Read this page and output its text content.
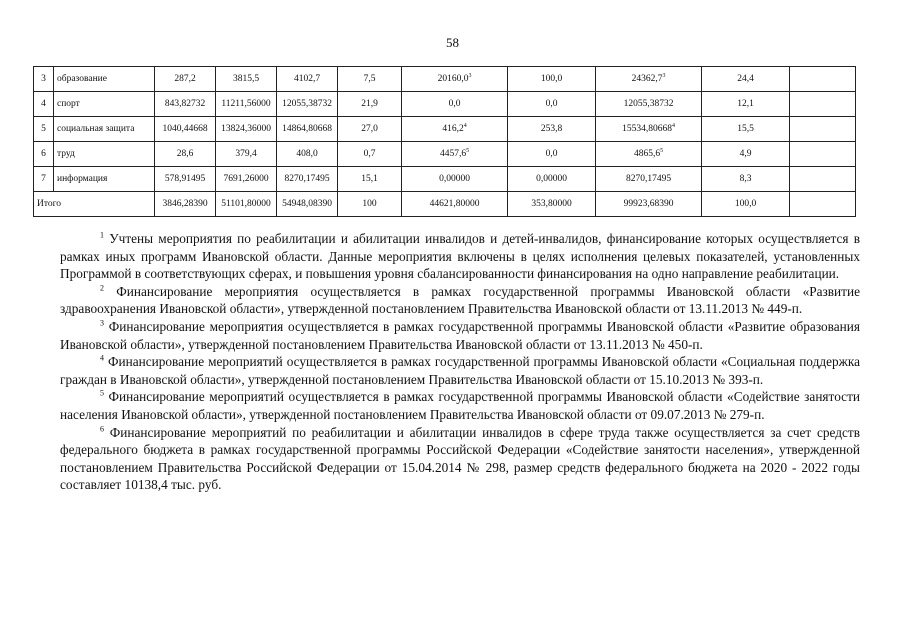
58
3	образование	287,2	3815,5	4102,7	7,5	20160,0$^3$	100,0	24362,7$^3$	24,4	
4	спорт	843,82732	11211,56000	12055,38732	21,9	0,0	0,0	12055,38732	12,1	
5	социальная защита	1040,44668	13824,36000	14864,80668	27,0	416,2$^4$	253,8	15534,80668$^4$	15,5	
6	труд	28,6	379,4	408,0	0,7	4457,6$^5$	0,0	4865,6$^5$	4,9	
7	информация	578,91495	7691,26000	8270,17495	15,1	0,00000	0,00000	8270,17495	8,3	
Итого		3846,28390	51101,80000	54948,08390	100	44621,80000	353,80000	99923,68390	100,0	

$^1$ Учтены мероприятия по реабилитации и абилитации инвалидов и детей-инвалидов, финансирование которых осуществляется в рамках иных программ Ивановской области. Данные мероприятия включены в целях исполнения целевых показателей, установленных Программой в соответствующих сферах, и повышения уровня сбалансированности финансирования на одно направление реабилитации.

$^2$ Финансирование мероприятия осуществляется в рамках государственной программы Ивановской области «Развитие здравоохранения Ивановской области», утвержденной постановлением Правительства Ивановской области от 13.11.2013 № 449-п.

$^3$ Финансирование мероприятия осуществляется в рамках государственной программы Ивановской области «Развитие образования Ивановской области», утвержденной постановлением Правительства Ивановской области от 13.11.2013 № 450-п.

$^4$ Финансирование мероприятий осуществляется в рамках государственной программы Ивановской области «Социальная поддержка граждан в Ивановской области», утвержденной постановлением Правительства Ивановской области от 15.10.2013 № 393-п.

$^5$ Финансирование мероприятий осуществляется в рамках государственной программы Ивановской области «Содействие занятости населения Ивановской области», утвержденной постановлением Правительства Ивановской области от 09.07.2013 № 279-п.

$^6$ Финансирование мероприятий по реабилитации и абилитации инвалидов в сфере труда также осуществляется за счет средств федерального бюджета в рамках государственной программы Российской Федерации «Содействие занятости населения», утвержденной постановлением Правительства Российской Федерации от 15.04.2014 № 298, размер средств федерального бюджета на 2020 - 2022 годы составляет 10138,4 тыс. руб.
